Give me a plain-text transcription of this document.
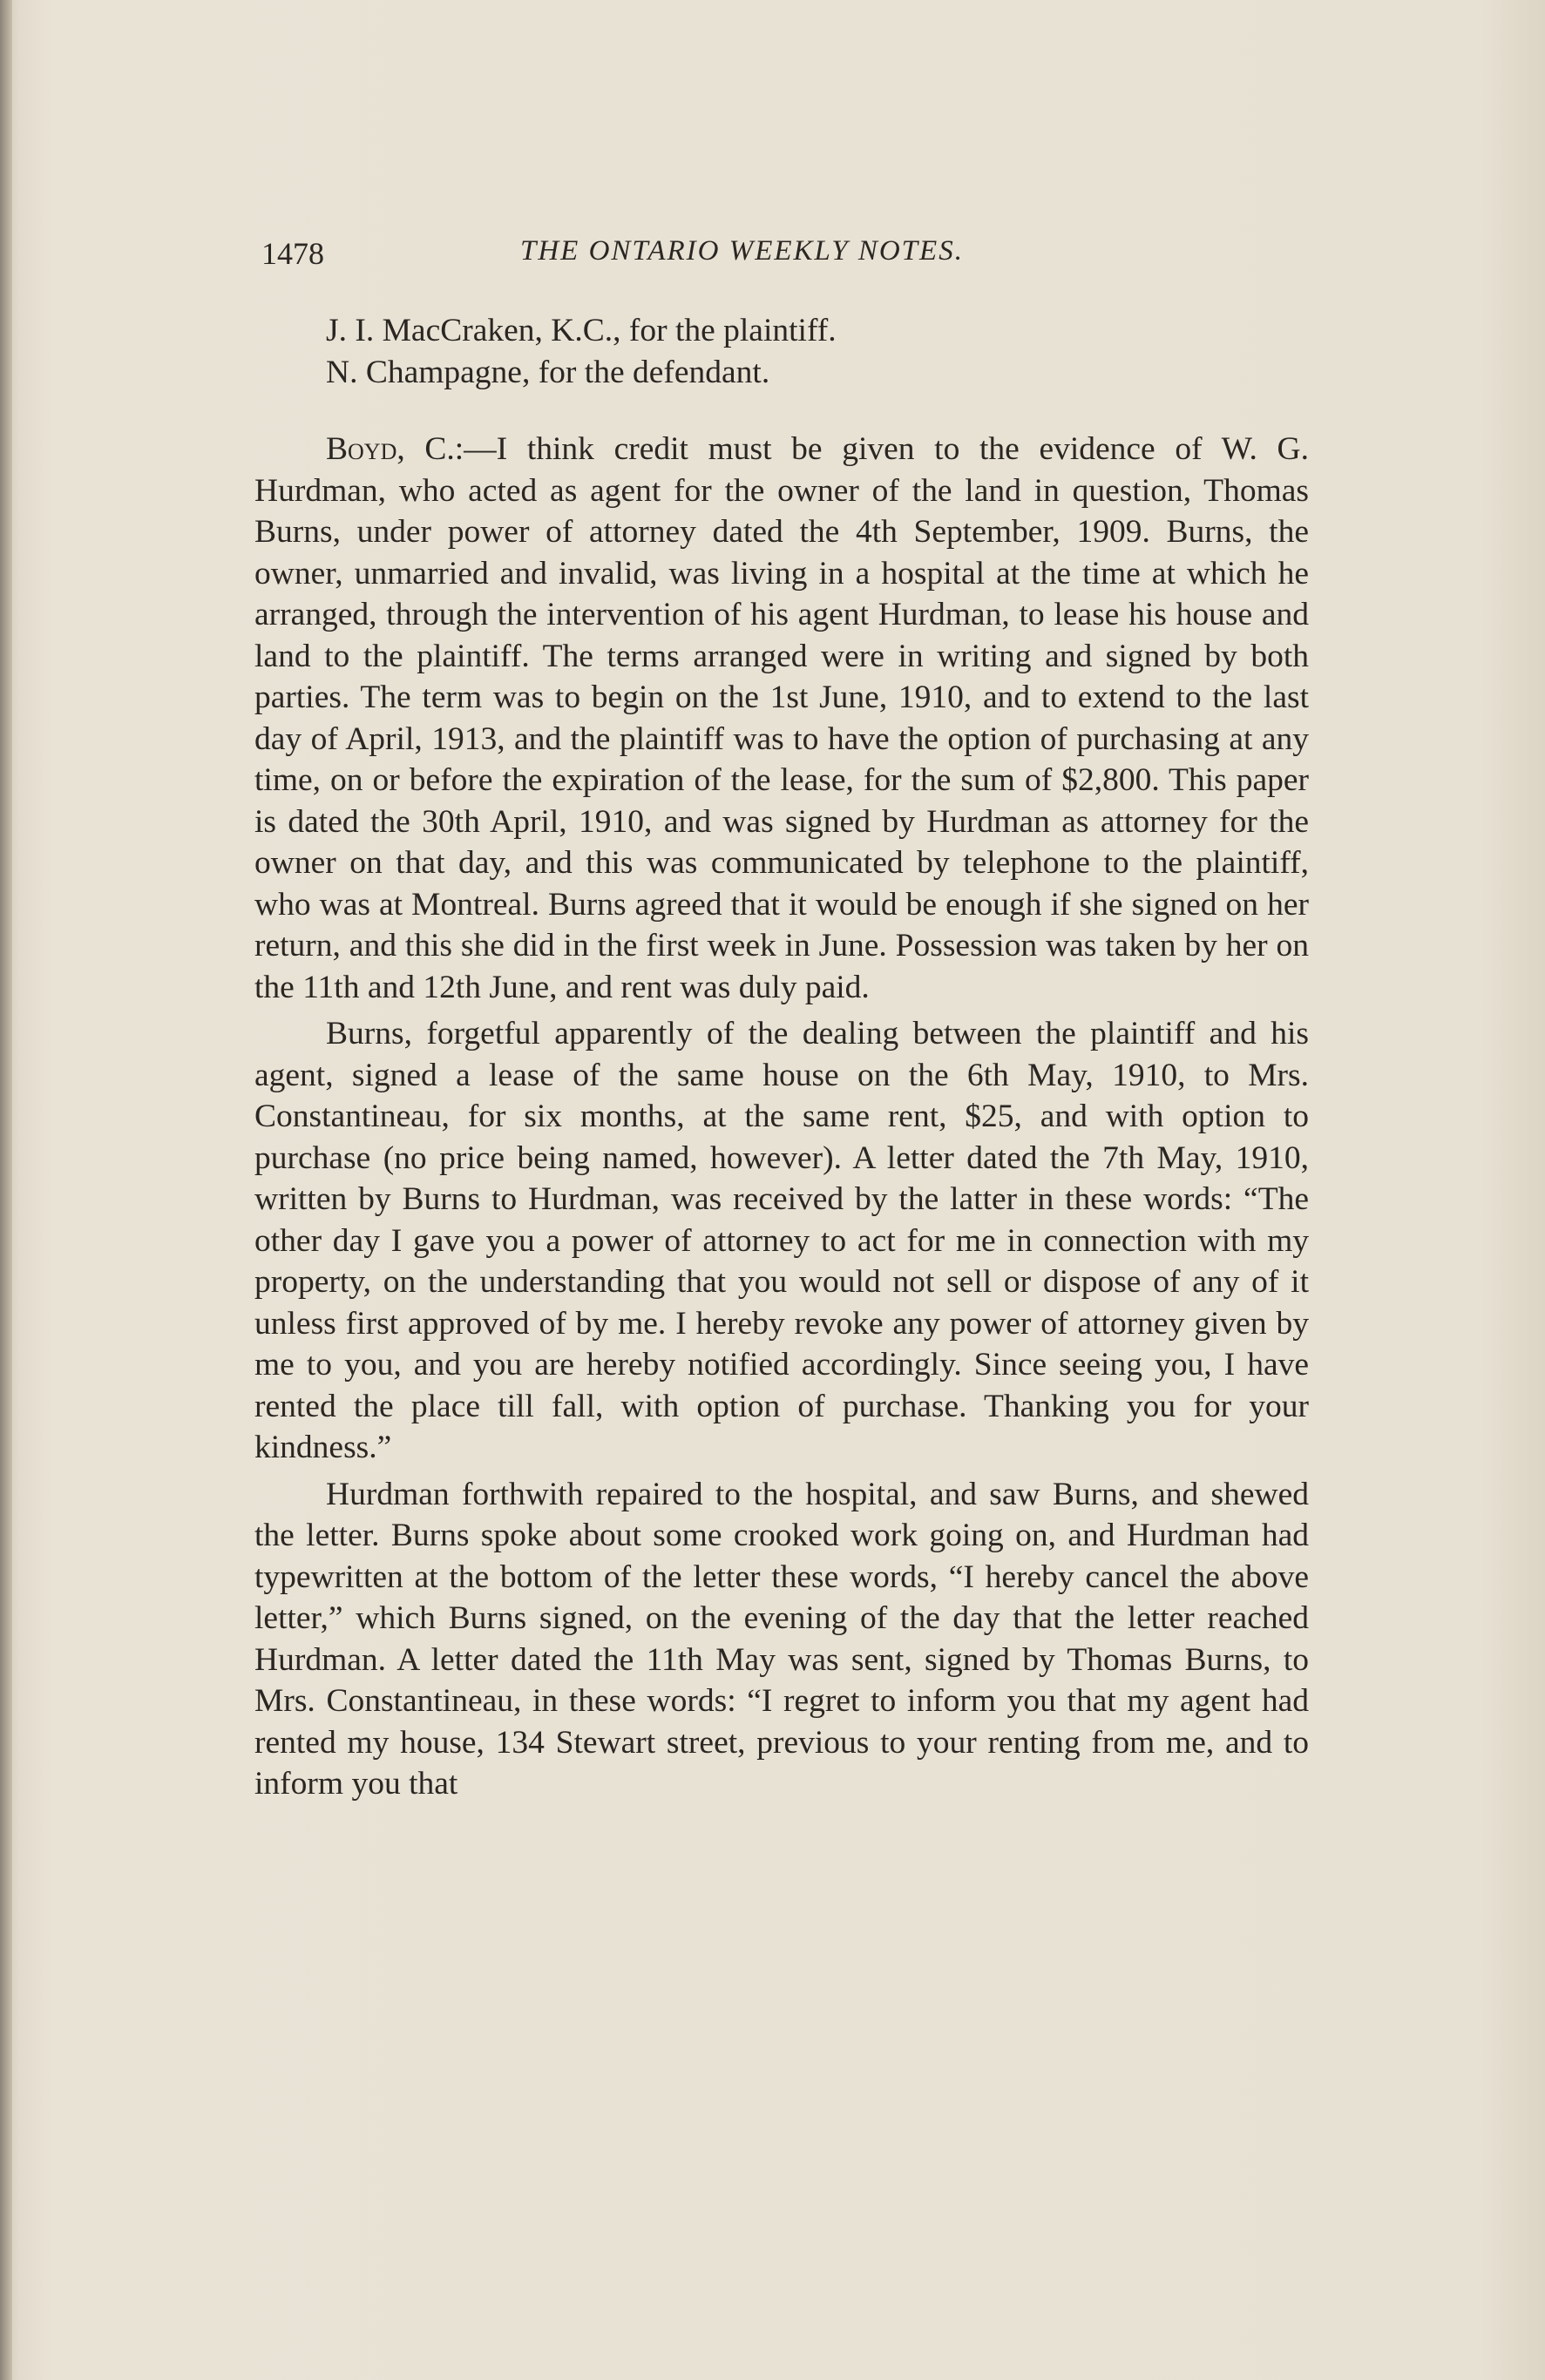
1478	THE ONTARIO WEEKLY NOTES.

J. I. MacCraken, K.C., for the plaintiff.

N. Champagne, for the defendant.

Boyd, C.:—I think credit must be given to the evidence of W. G. Hurdman, who acted as agent for the owner of the land in question, Thomas Burns, under power of attorney dated the 4th September, 1909. Burns, the owner, unmarried and invalid, was living in a hospital at the time at which he arranged, through the intervention of his agent Hurdman, to lease his house and land to the plaintiff. The terms arranged were in writing and signed by both parties. The term was to begin on the 1st June, 1910, and to extend to the last day of April, 1913, and the plaintiff was to have the option of purchasing at any time, on or before the expiration of the lease, for the sum of $2,800. This paper is dated the 30th April, 1910, and was signed by Hurdman as attorney for the owner on that day, and this was communicated by telephone to the plaintiff, who was at Montreal. Burns agreed that it would be enough if she signed on her return, and this she did in the first week in June. Possession was taken by her on the 11th and 12th June, and rent was duly paid.

Burns, forgetful apparently of the dealing between the plaintiff and his agent, signed a lease of the same house on the 6th May, 1910, to Mrs. Constantineau, for six months, at the same rent, $25, and with option to purchase (no price being named, however). A letter dated the 7th May, 1910, written by Burns to Hurdman, was received by the latter in these words: “The other day I gave you a power of attorney to act for me in connection with my property, on the understanding that you would not sell or dispose of any of it unless first approved of by me. I hereby revoke any power of attorney given by me to you, and you are hereby notified accordingly. Since seeing you, I have rented the place till fall, with option of purchase. Thanking you for your kindness.”

Hurdman forthwith repaired to the hospital, and saw Burns, and shewed the letter. Burns spoke about some crooked work going on, and Hurdman had typewritten at the bottom of the letter these words, “I hereby cancel the above letter,” which Burns signed, on the evening of the day that the letter reached Hurdman. A letter dated the 11th May was sent, signed by Thomas Burns, to Mrs. Constantineau, in these words: “I regret to inform you that my agent had rented my house, 134 Stewart street, previous to your renting from me, and to inform you that
